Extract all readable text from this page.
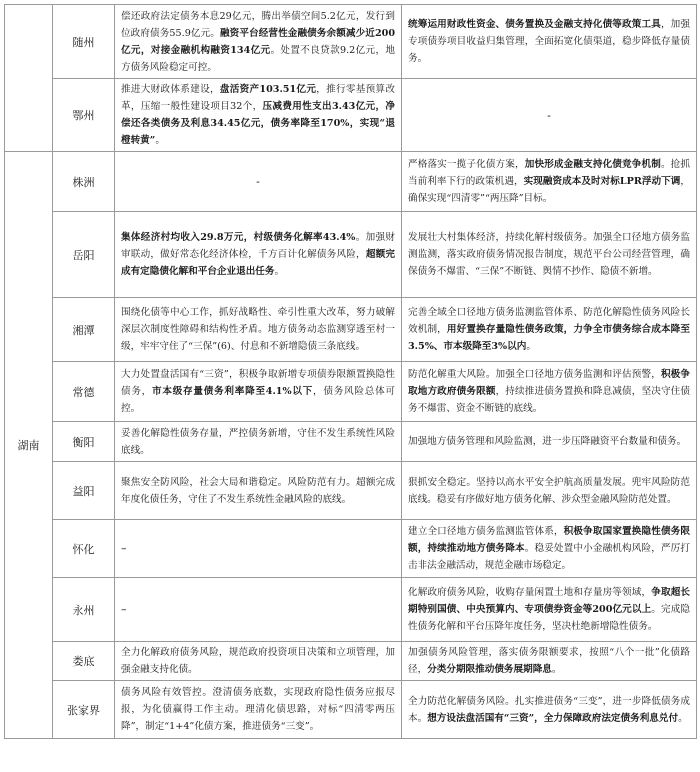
	随州	偿还政府法定债务本息29亿元，腾出举债空间5.2亿元，发行到位政府债务55.9亿元。融资平台经营性金融债务余额减少近200亿元，对接金融机构融资134亿元。处置不良贷款9.2亿元，地方债务风险稳定可控。	统筹运用财政性资金、债务置换及金融支持化债等政策工具，加强专项债券项目收益归集管理，全面拓宽化债渠道，稳步降低存量债务。

	鄂州	推进大财政体系建设，盘活资产103.51亿元，推行零基预算改革，压缩一般性建设项目32个，压减费用性支出3.43亿元，净偿还各类债务及利息34.45亿元，债务率降至170%，实现“退橙转黄”。	-

湖南	株洲	-	严格落实一揽子化债方案，加快形成金融支持化债竞争机制。抢抓当前利率下行的政策机遇，实现融资成本及时对标LPR浮动下调，确保实现“四清零”“两压降”目标。

	岳阳	集体经济村均收入29.8万元，村级债务化解率43.4%。加强财审联动，做好常态化经济体检，千方百计化解债务风险，超额完成有定隐债化解和平台企业退出任务。	发展壮大村集体经济，持续化解村级债务。加强全口径地方债务监测监测，落实政府债务情况报告制度，规范平台公司经营管理，确保债务不爆雷、“三保”不断链、舆情不抄作、隐债不新增。

	湘潭	围绕化债等中心工作，抓好战略性、牵引性重大改革，努力破解深层次制度性障碍和结构性矛盾。地方债务动态监测穿透至村一级，牢牢守住了“三保”(6)、付息和不新增隐债三条底线。	完善全域全口径地方债务监测监管体系、防范化解隐性债务风险长效机制，用好置换存量隐性债务政策，力争全市债务综合成本降至3.5%、市本级降至3%以内。

	常德	大力处置盘活国有“三资”，积极争取新增专项债券限额置换隐性债务，市本级存量债务利率降至4.1%以下，债务风险总体可控。	防范化解重大风险。加强全口径地方债务监测和评估预警，积极争取地方政府债务限额，持续推进债务置换和降息减债，坚决守住债务不爆雷、资金不断链的底线。

	衡阳	妥善化解隐性债务存量，严控债务新增，守住不发生系统性风险底线。	加强地方债务管理和风险监测，进一步压降融资平台数量和债务。

	益阳	聚焦安全防风险，社会大局和谐稳定。风险防范有力。超额完成年度化债任务，守住了不发生系统性金融风险的底线。	狠抓安全稳定。坚持以高水平安全护航高质量发展。兜牢风险防范底线。稳妥有序做好地方债务化解、涉众型金融风险防范处置。

	怀化	–	建立全口径地方债务监测监管体系，积极争取国家置换隐性债务限额，持续推动地方债务降本。稳妥处置中小金融机构风险，严厉打击非法金融活动，规范金融市场稳定。

	永州	–	化解政府债务风险，收购存量闲置土地和存量房等领域，争取超长期特别国债、中央预算内、专项债券资金等200亿元以上。完成隐性债务化解和平台压降年度任务，坚决杜绝新增隐性债务。

	娄底	全力化解政府债务风险，规范政府投资项目决策和立项管理，加强金融支持化债。	加强债务风险管理，落实债务限额要求，按照“八个一批”化债路径，分类分期限推动债务展期降息。

	张家界	债务风险有效管控。澄清债务底数，实现政府隐性债务应报尽报，为化债赢得工作主动。理清化债思路，对标“四清零两压降”，制定“1+4”化债方案，推进债务“三变”。	全力防范化解债务风险。扎实推进债务“三变”，进一步降低债务成本。想方设法盘活国有“三资”，全力保障政府法定债务利息兑付。
